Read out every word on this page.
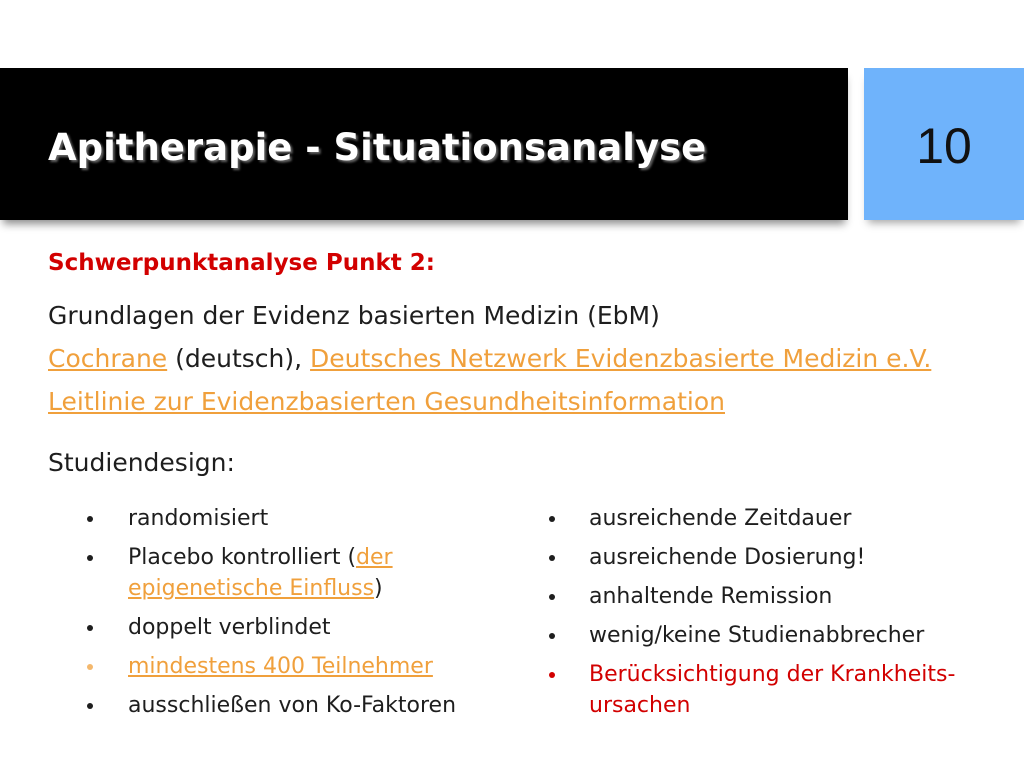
Apitherapie - Situationsanalyse	10
Schwerpunktanalyse Punkt 2:
Grundlagen der Evidenz basierten Medizin (EbM)
Cochrane (deutsch), Deutsches Netzwerk Evidenzbasierte Medizin e.V.
Leitlinie zur Evidenzbasierten Gesundheitsinformation
Studiendesign:
randomisiert
Placebo kontrolliert (der epigenetische Einfluss)
doppelt verblindet
mindestens 400 Teilnehmer
ausschließen von Ko-Faktoren
ausreichende Zeitdauer
ausreichende Dosierung!
anhaltende Remission
wenig/keine Studienabbrecher
Berücksichtigung der Krankheits-ursachen
